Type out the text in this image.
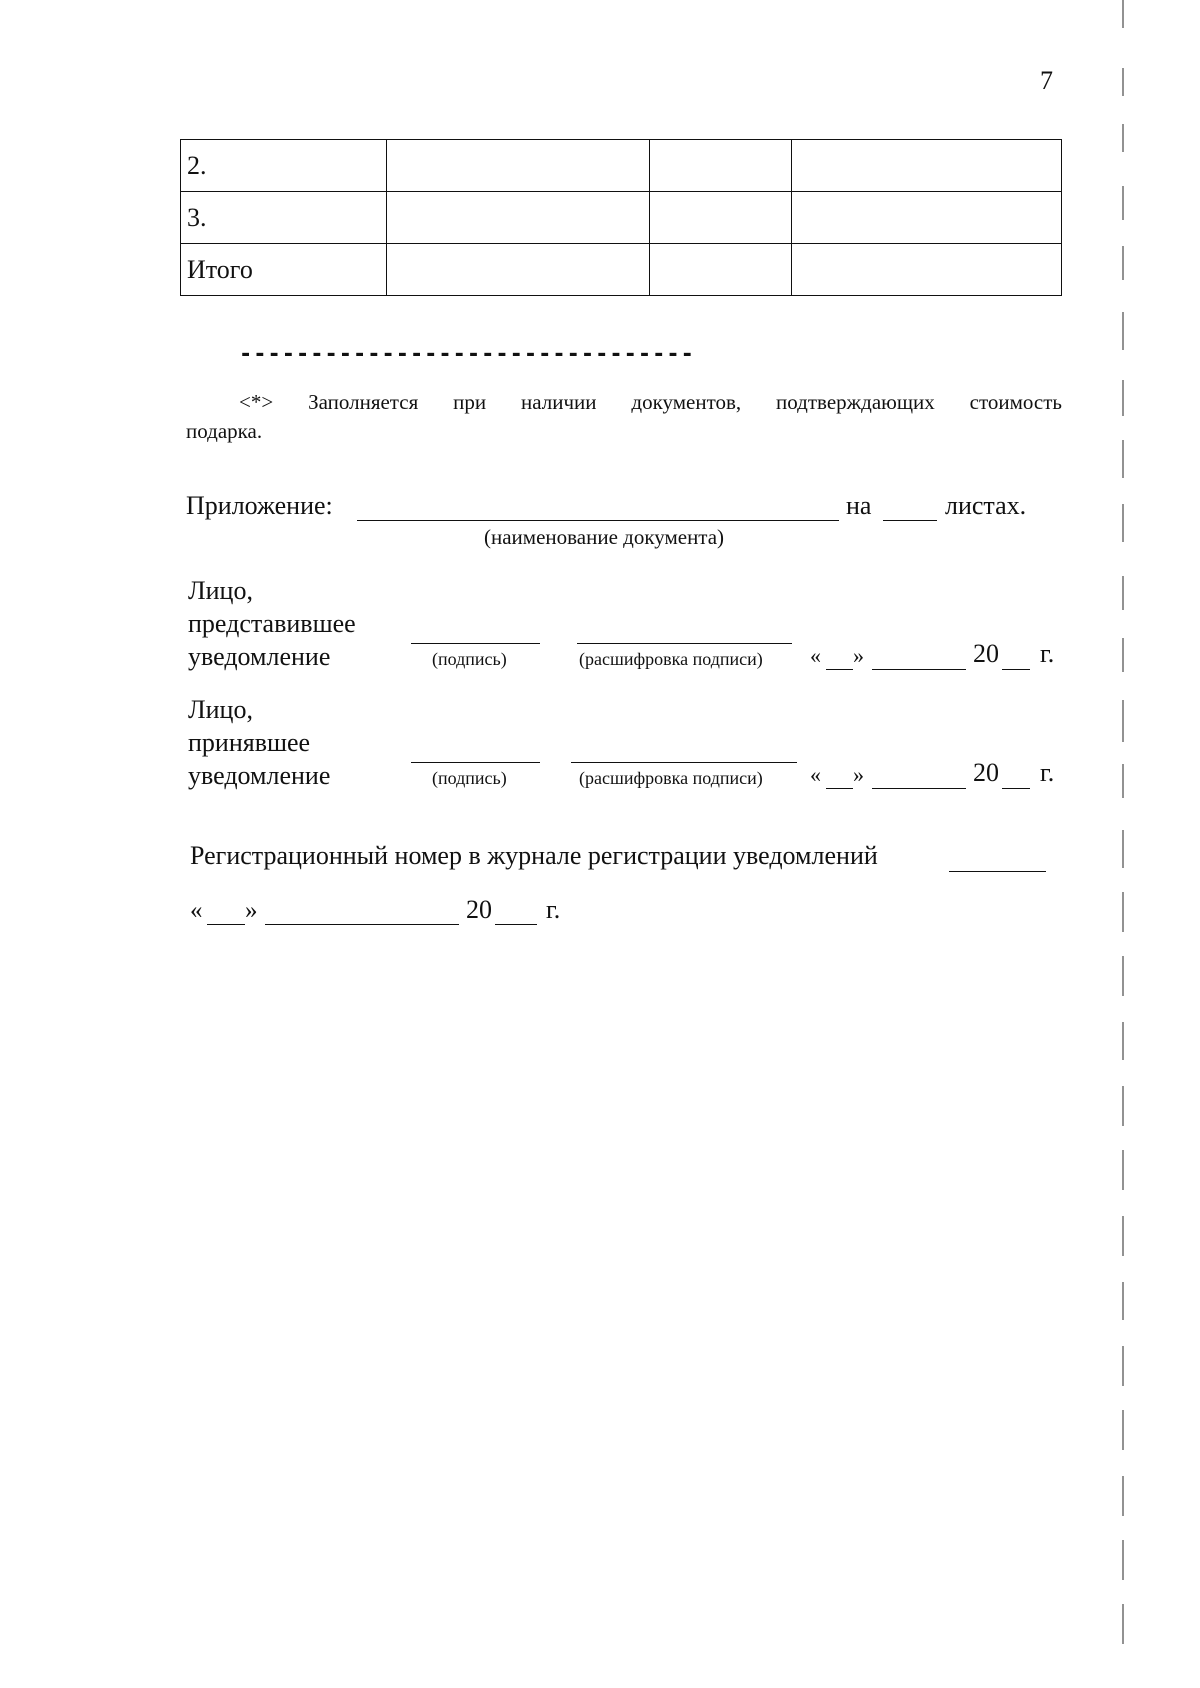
7
2.			
3.			
Итого			
--------------------------------
<*> Заполняется при наличии документов, подтверждающих стоимость подарка.
Приложение:	на	листах.
(наименование документа)
Лицо,
представившее
уведомление	(подпись)	(расшифровка подписи) « »	20 г.
Лицо,
принявшее
уведомление	(подпись)	(расшифровка подписи) « »	20 г.
Регистрационный номер в журнале регистрации уведомлений
« »	20 г.
